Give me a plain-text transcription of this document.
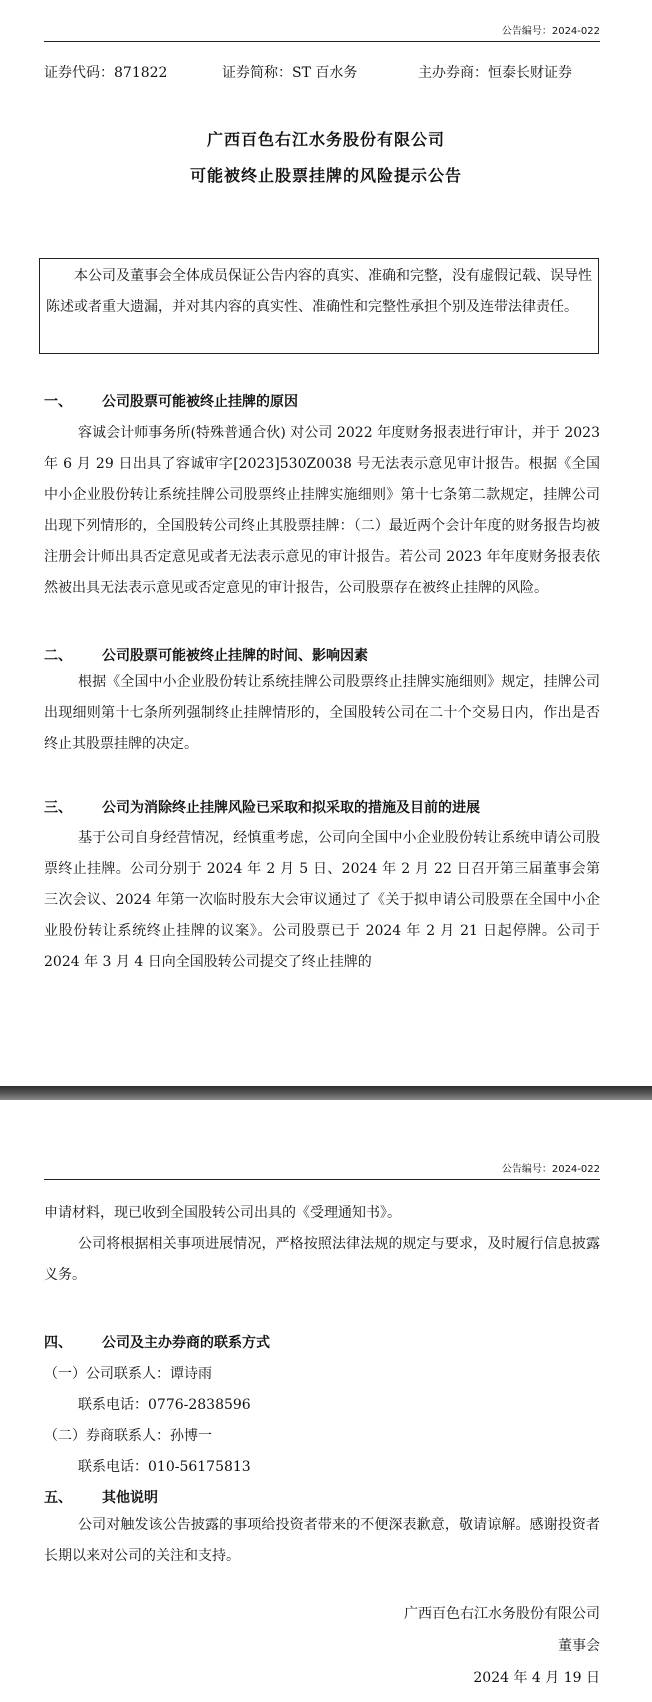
公告编号：2024-022
证券代码：871822	证券简称：ST 百水务	主办券商：恒泰长财证券
广西百色右江水务股份有限公司
可能被终止股票挂牌的风险提示公告
本公司及董事会全体成员保证公告内容的真实、准确和完整，没有虚假记载、误导性陈述或者重大遗漏，并对其内容的真实性、准确性和完整性承担个别及连带法律责任。
一、 公司股票可能被终止挂牌的原因
容诚会计师事务所(特殊普通合伙) 对公司 2022 年度财务报表进行审计，并于 2023 年 6 月 29 日出具了容诚审字[2023]530Z0038 号无法表示意见审计报告。根据《全国中小企业股份转让系统挂牌公司股票终止挂牌实施细则》第十七条第二款规定，挂牌公司出现下列情形的，全国股转公司终止其股票挂牌：（二）最近两个会计年度的财务报告均被注册会计师出具否定意见或者无法表示意见的审计报告。若公司 2023 年年度财务报表依然被出具无法表示意见或否定意见的审计报告，公司股票存在被终止挂牌的风险。
二、 公司股票可能被终止挂牌的时间、影响因素
根据《全国中小企业股份转让系统挂牌公司股票终止挂牌实施细则》规定，挂牌公司出现细则第十七条所列强制终止挂牌情形的，全国股转公司在二十个交易日内，作出是否终止其股票挂牌的决定。
三、 公司为消除终止挂牌风险已采取和拟采取的措施及目前的进展
基于公司自身经营情况，经慎重考虑，公司向全国中小企业股份转让系统申请公司股票终止挂牌。公司分别于 2024 年 2 月 5 日、2024 年 2 月 22 日召开第三届董事会第三次会议、2024 年第一次临时股东大会审议通过了《关于拟申请公司股票在全国中小企业股份转让系统终止挂牌的议案》。公司股票已于 2024 年 2 月 21 日起停牌。公司于 2024 年 3 月 4 日向全国股转公司提交了终止挂牌的
公告编号：2024-022
申请材料，现已收到全国股转公司出具的《受理通知书》。
公司将根据相关事项进展情况，严格按照法律法规的规定与要求，及时履行信息披露义务。
四、 公司及主办券商的联系方式
（一）公司联系人：谭诗雨
联系电话：0776-2838596
（二）券商联系人：孙博一
联系电话：010-56175813
五、 其他说明
公司对触发该公告披露的事项给投资者带来的不便深表歉意，敬请谅解。感谢投资者长期以来对公司的关注和支持。
广西百色右江水务股份有限公司
董事会
2024 年 4 月 19 日
